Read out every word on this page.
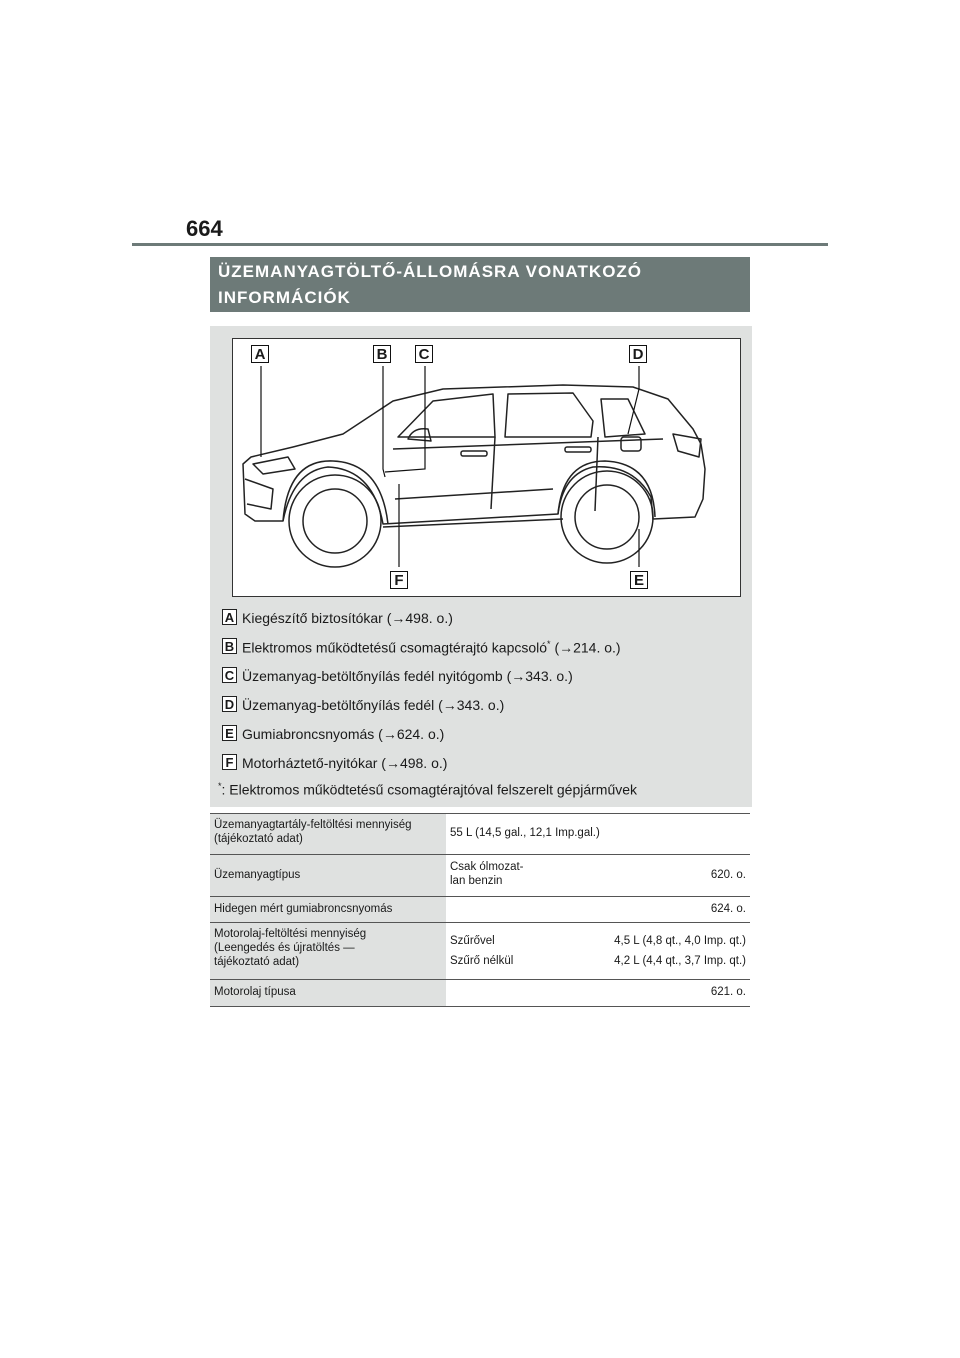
664
ÜZEMANYAGTÖLTŐ-ÁLLOMÁSRA VONATKOZÓ
INFORMÁCIÓK
A	B C	D
E
F
A Kiegészítő biztosítókar (→498. o.)
B Elektromos működtetésű csomagtérajtó kapcsoló* (→214. o.)
C Üzemanyag-betöltőnyílás fedél nyitógomb (→343. o.)
D Üzemanyag-betöltőnyílás fedél (→343. o.)
E Gumiabroncsnyomás (→624. o.)
F Motorháztető-nyitókar (→498. o.)
*: Elektromos működtetésű csomagtérajtóval felszerelt gépjárművek
Üzemanyagtartály-feltöltési mennyiség
(tájékoztató adat)	55 L (14,5 gal., 12,1 Imp.gal.)
Üzemanyagtípus
Csak ólmozat-
lan benzin	620. o.
Hidegen mért gumiabroncsnyomás	624. o.
Motorolaj-feltöltési mennyiség
(Leengedés és újratöltés —
tájékoztató adat)
Szűrővel	4,5 L (4,8 qt., 4,0 Imp. qt.)
Szűrő nélkül	4,2 L (4,4 qt., 3,7 Imp. qt.)
Motorolaj típusa	621. o.
